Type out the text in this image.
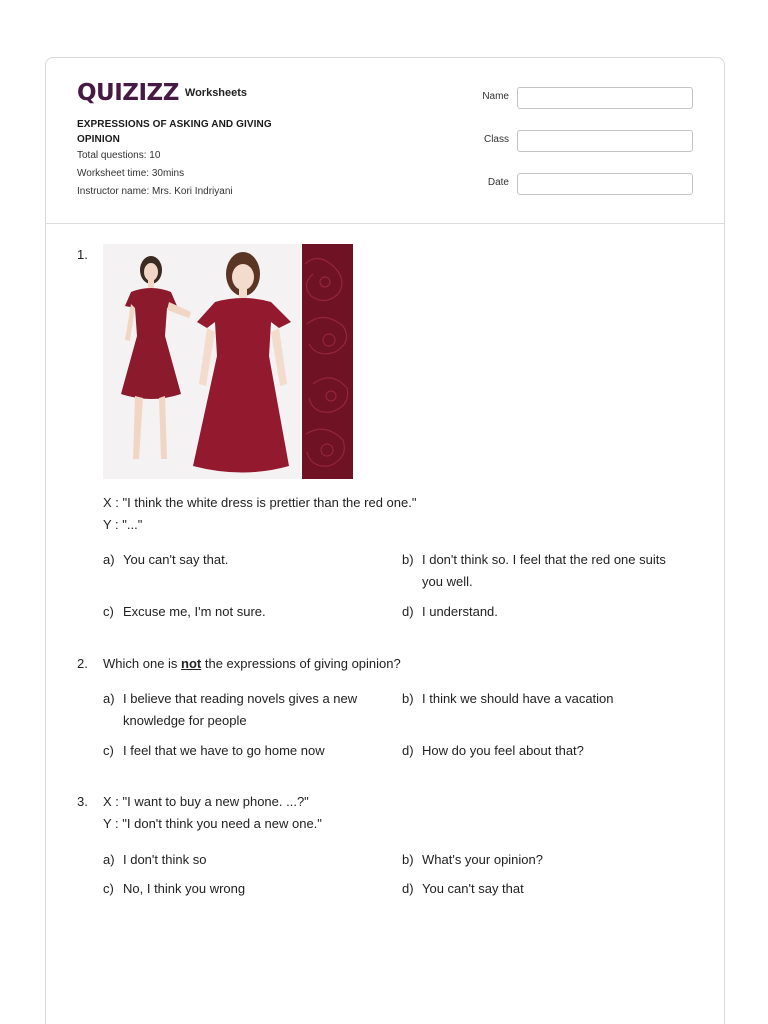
QUIZIZZ Worksheets
EXPRESSIONS OF ASKING AND GIVING OPINION
Total questions: 10
Worksheet time: 30mins
Instructor name: Mrs. Kori Indriyani
Name
Class
Date
1.
X : "I think the white dress is prettier than the red one."
Y : "..."
a) You can't say that.	b) I don't think so. I feel that the red one suits you well.
c) Excuse me, I'm not sure.	d) I understand.
2. Which one is not the expressions of giving opinion?
a) I believe that reading novels gives a new knowledge for people
b) I think we should have a vacation
c) I feel that we have to go home now	d) How do you feel about that?
3. X : "I want to buy a new phone. ...?"
Y : "I don't think you need a new one."
a) I don't think so	b) What's your opinion?
c) No, I think you wrong	d) You can't say that
